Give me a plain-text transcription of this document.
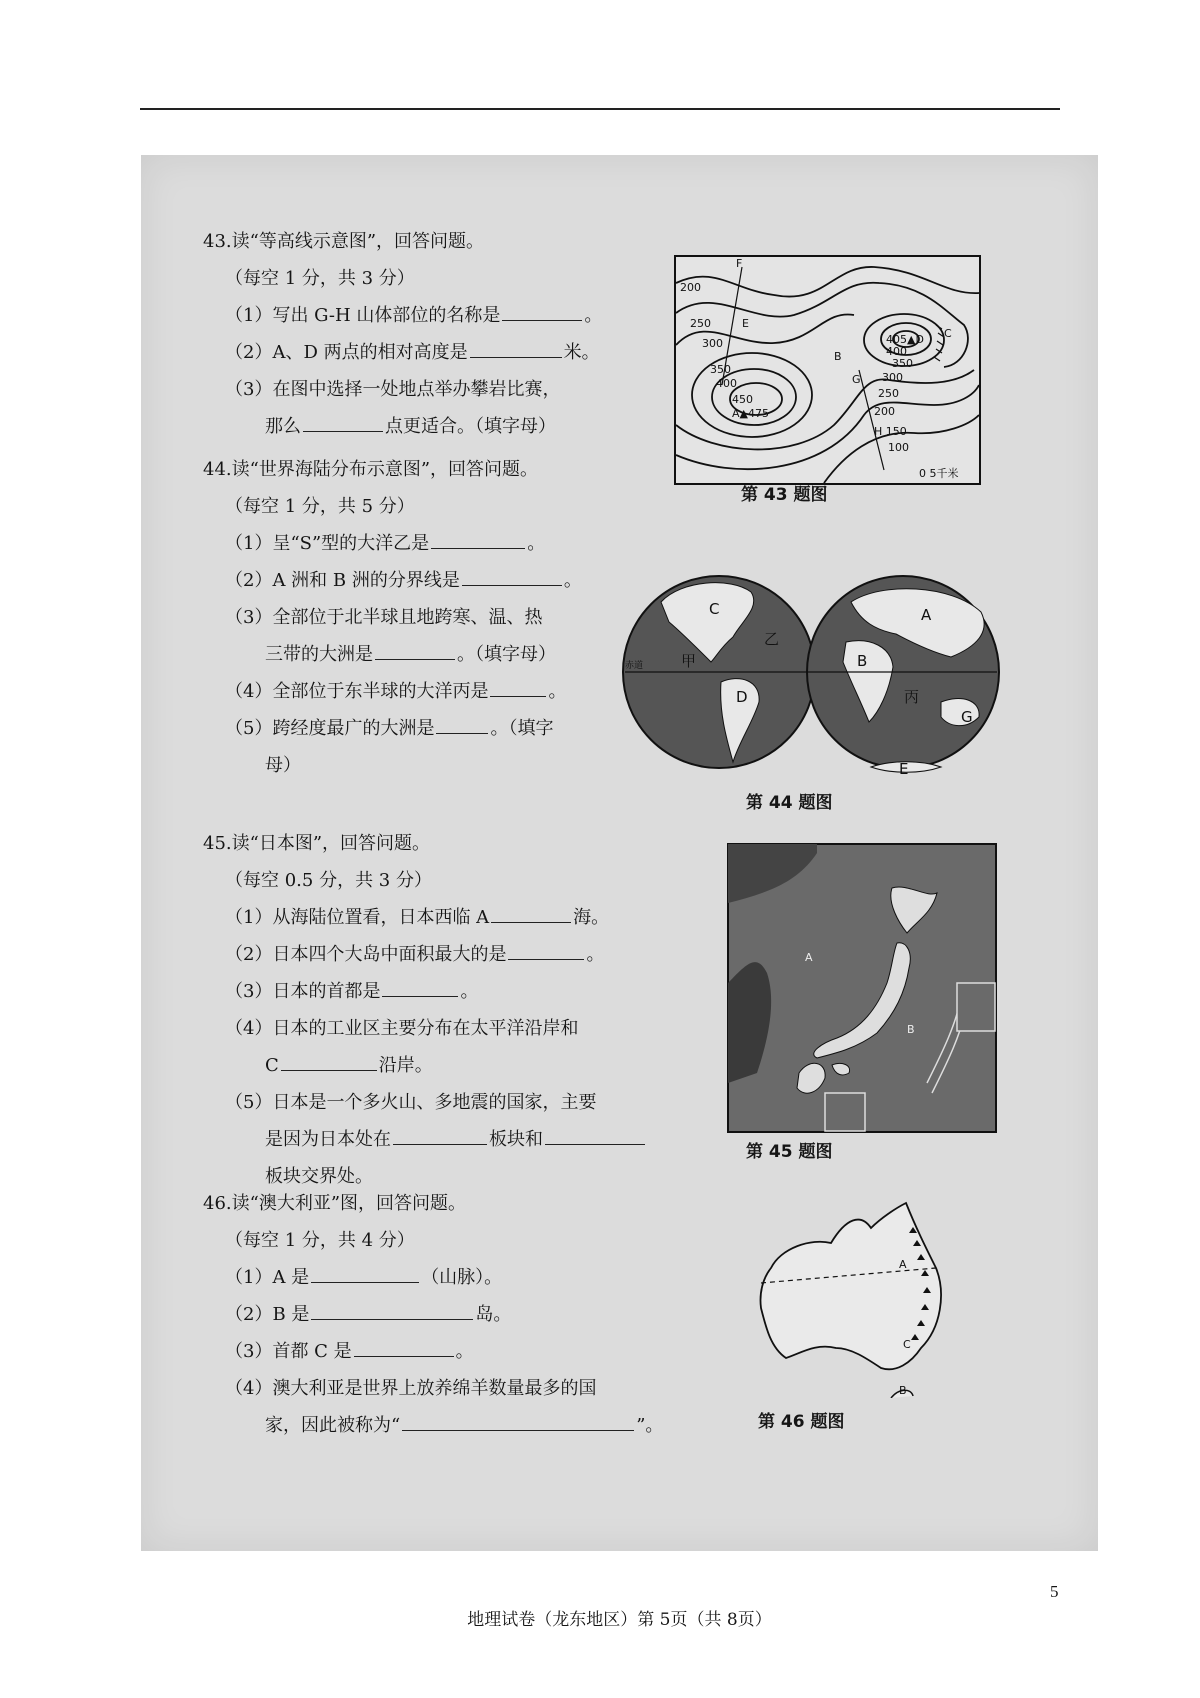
43.读“等高线示意图”，回答问题。
（每空 1 分，共 3 分）
（1）写出 G-H 山体部位的名称是	。
（2）A、D 两点的相对高度是	米。
（3）在图中选择一处地点举办攀岩比赛，
那么	点更适合。（填字母）
200
250
300
350
400
450
A▲475
405▲D
400
350
300
250
200
H 150
100
F
E
B
G
C
0 5千米
第 43 题图
44.读“世界海陆分布示意图”，回答问题。
（每空 1 分，共 5 分）
（1）呈“S”型的大洋乙是	。
（2）A 洲和 B 洲的分界线是	。
（3）全部位于北半球且地跨寒、温、热
三带的大洲是	。（填字母）
（4）全部位于东半球的大洋丙是	。
（5）跨经度最广的大洲是	。（填字
母）
C
乙
甲
D
A
B
丙
G
E
赤道
第 44 题图
45.读“日本图”，回答问题。
（每空 0.5 分，共 3 分）
（1）从海陆位置看，日本西临 A	海。
（2）日本四个大岛中面积最大的是	。
（3）日本的首都是	。
（4）日本的工业区主要分布在太平洋沿岸和
C	沿岸。
（5）日本是一个多火山、多地震的国家，主要
是因为日本处在	板块和
板块交界处。
A
B
第 45 题图
46.读“澳大利亚”图，回答问题。
（每空 1 分，共 4 分）
（1）A 是	（山脉）。
（2）B 是	岛。
（3）首都 C 是	。
（4）澳大利亚是世界上放养绵羊数量最多的国
家，因此被称为“	”。
A
B
C
第 46 题图
地理试卷（龙东地区）第 5页（共 8页）
5
